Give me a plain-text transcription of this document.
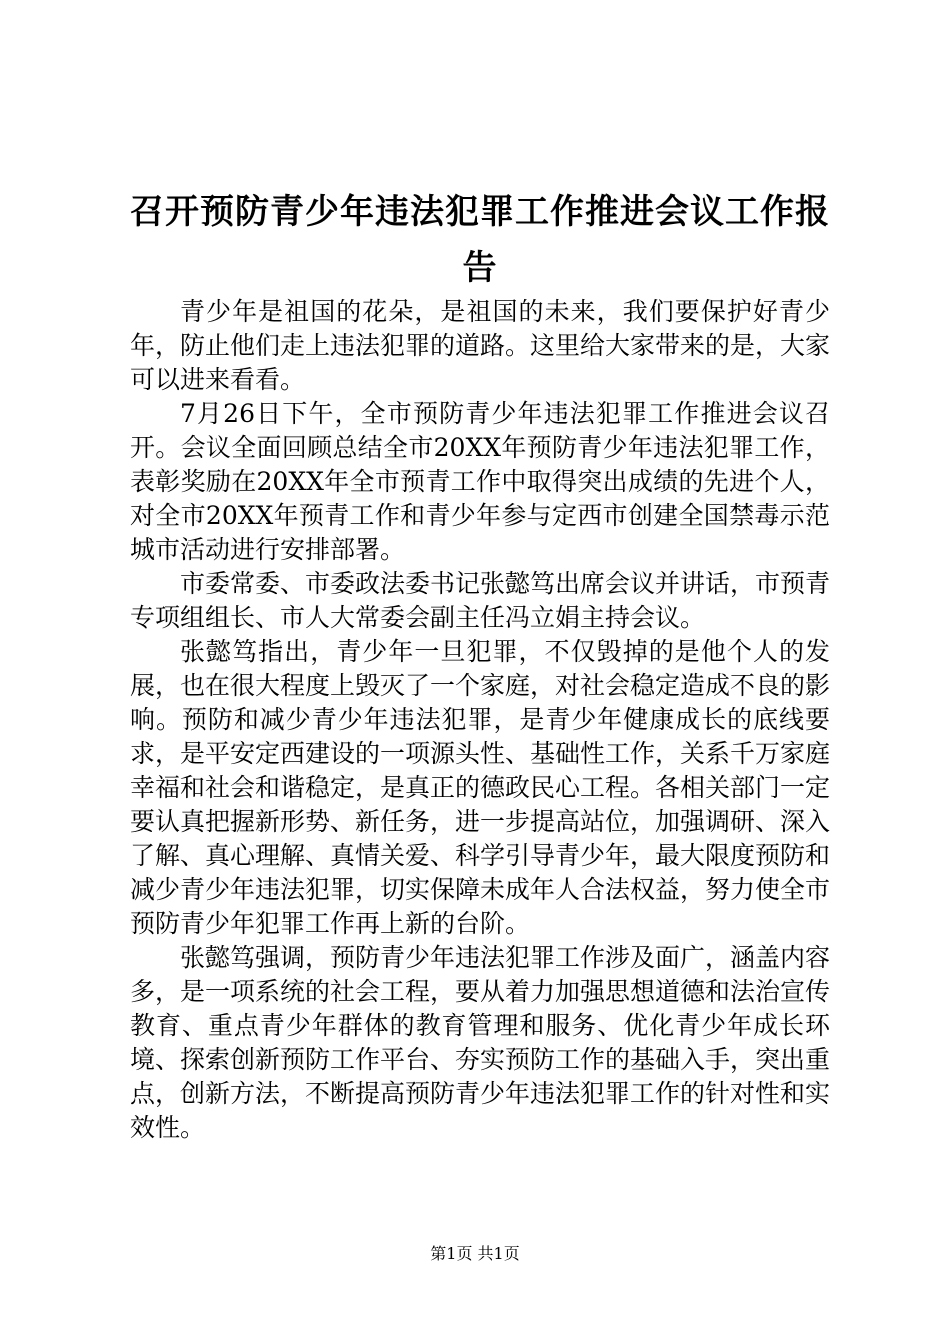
召开预防青少年违法犯罪工作推进会议工作报告

青少年是祖国的花朵，是祖国的未来，我们要保护好青少年，防止他们走上违法犯罪的道路。这里给大家带来的是，大家可以进来看看。

7月26日下午，全市预防青少年违法犯罪工作推进会议召开。会议全面回顾总结全市20XX年预防青少年违法犯罪工作，表彰奖励在20XX年全市预青工作中取得突出成绩的先进个人，对全市20XX年预青工作和青少年参与定西市创建全国禁毒示范城市活动进行安排部署。

市委常委、市委政法委书记张懿笃出席会议并讲话，市预青专项组组长、市人大常委会副主任冯立娟主持会议。

张懿笃指出，青少年一旦犯罪，不仅毁掉的是他个人的发展，也在很大程度上毁灭了一个家庭，对社会稳定造成不良的影响。预防和减少青少年违法犯罪，是青少年健康成长的底线要求，是平安定西建设的一项源头性、基础性工作，关系千万家庭幸福和社会和谐稳定，是真正的德政民心工程。各相关部门一定要认真把握新形势、新任务，进一步提高站位，加强调研、深入了解、真心理解、真情关爱、科学引导青少年，最大限度预防和减少青少年违法犯罪，切实保障未成年人合法权益，努力使全市预防青少年犯罪工作再上新的台阶。

张懿笃强调，预防青少年违法犯罪工作涉及面广，涵盖内容多，是一项系统的社会工程，要从着力加强思想道德和法治宣传教育、重点青少年群体的教育管理和服务、优化青少年成长环境、探索创新预防工作平台、夯实预防工作的基础入手，突出重点，创新方法，不断提高预防青少年违法犯罪工作的针对性和实效性。

第1页 共1页
